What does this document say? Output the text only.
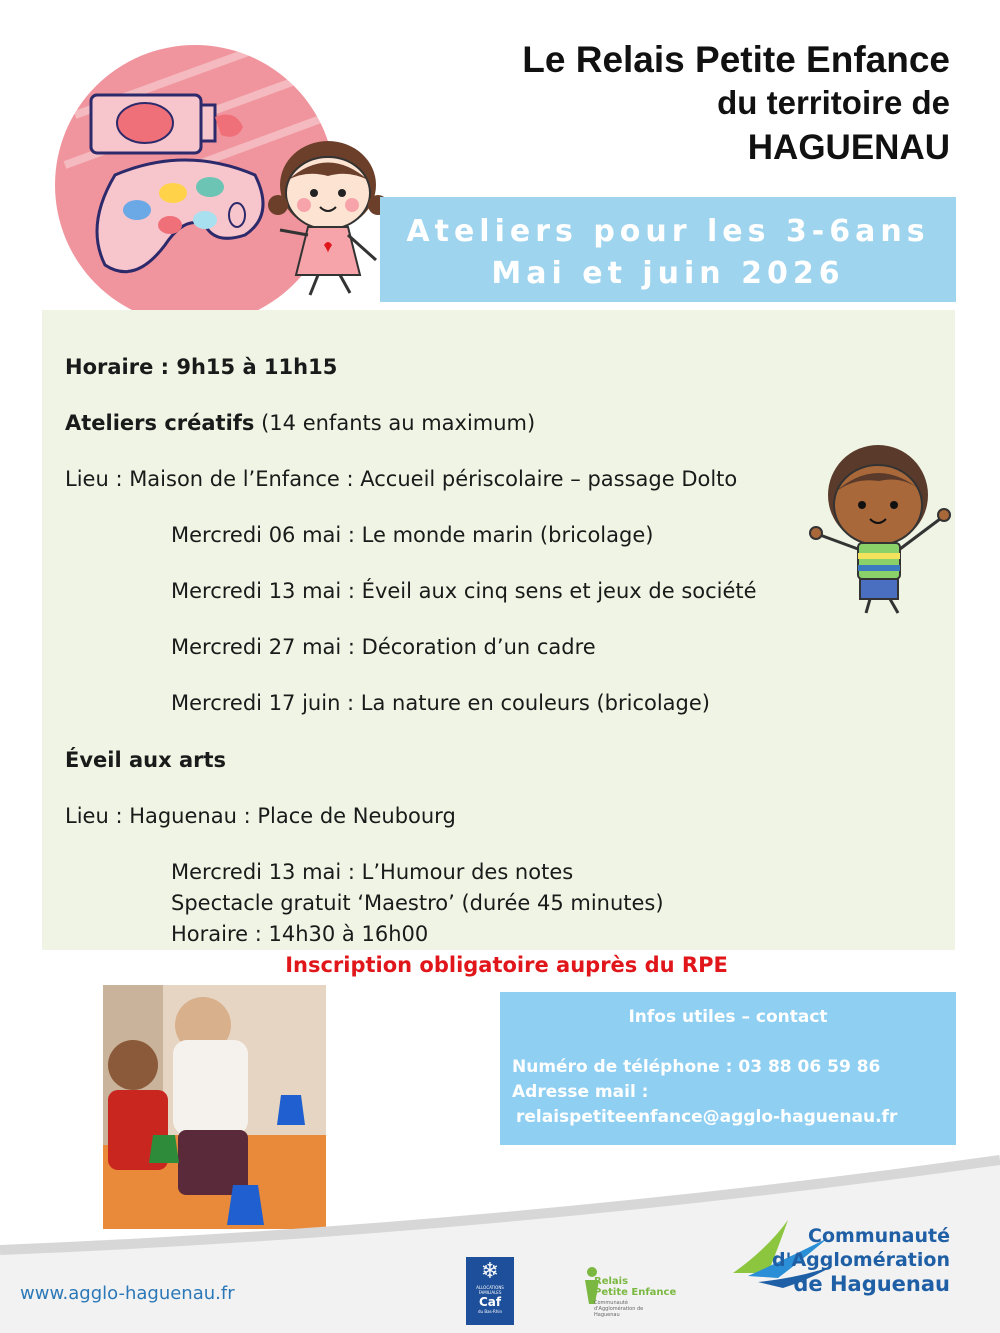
Le Relais Petite Enfance
du territoire de
HAGUENAU
Ateliers pour les 3-6ans
Mai et juin 2026
Horaire : 9h15 à 11h15
Ateliers créatifs (14 enfants au maximum)
Lieu : Maison de l’Enfance : Accueil périscolaire – passage Dolto
Mercredi 06 mai : Le monde marin (bricolage)
Mercredi 13 mai : Éveil aux cinq sens et jeux de société
Mercredi 27 mai : Décoration d’un cadre
Mercredi 17 juin : La nature en couleurs (bricolage)
Éveil aux arts
Lieu : Haguenau : Place de Neubourg
Mercredi 13 mai : L’Humour des notes
Spectacle gratuit ‘Maestro’ (durée 45 minutes)
Horaire : 14h30 à 16h00
Inscription obligatoire auprès du RPE
Infos utiles – contact
Numéro de téléphone : 03 88 06 59 86
Adresse mail :
relaispetiteenfance@agglo-haguenau.fr
www.agglo-haguenau.fr
❄
ALLOCATIONS FAMILIALES
Caf
du Bas-Rhin
Relais
Petite Enfance
Communauté d'Agglomération de Haguenau
Communauté
d'Agglomération
de Haguenau
